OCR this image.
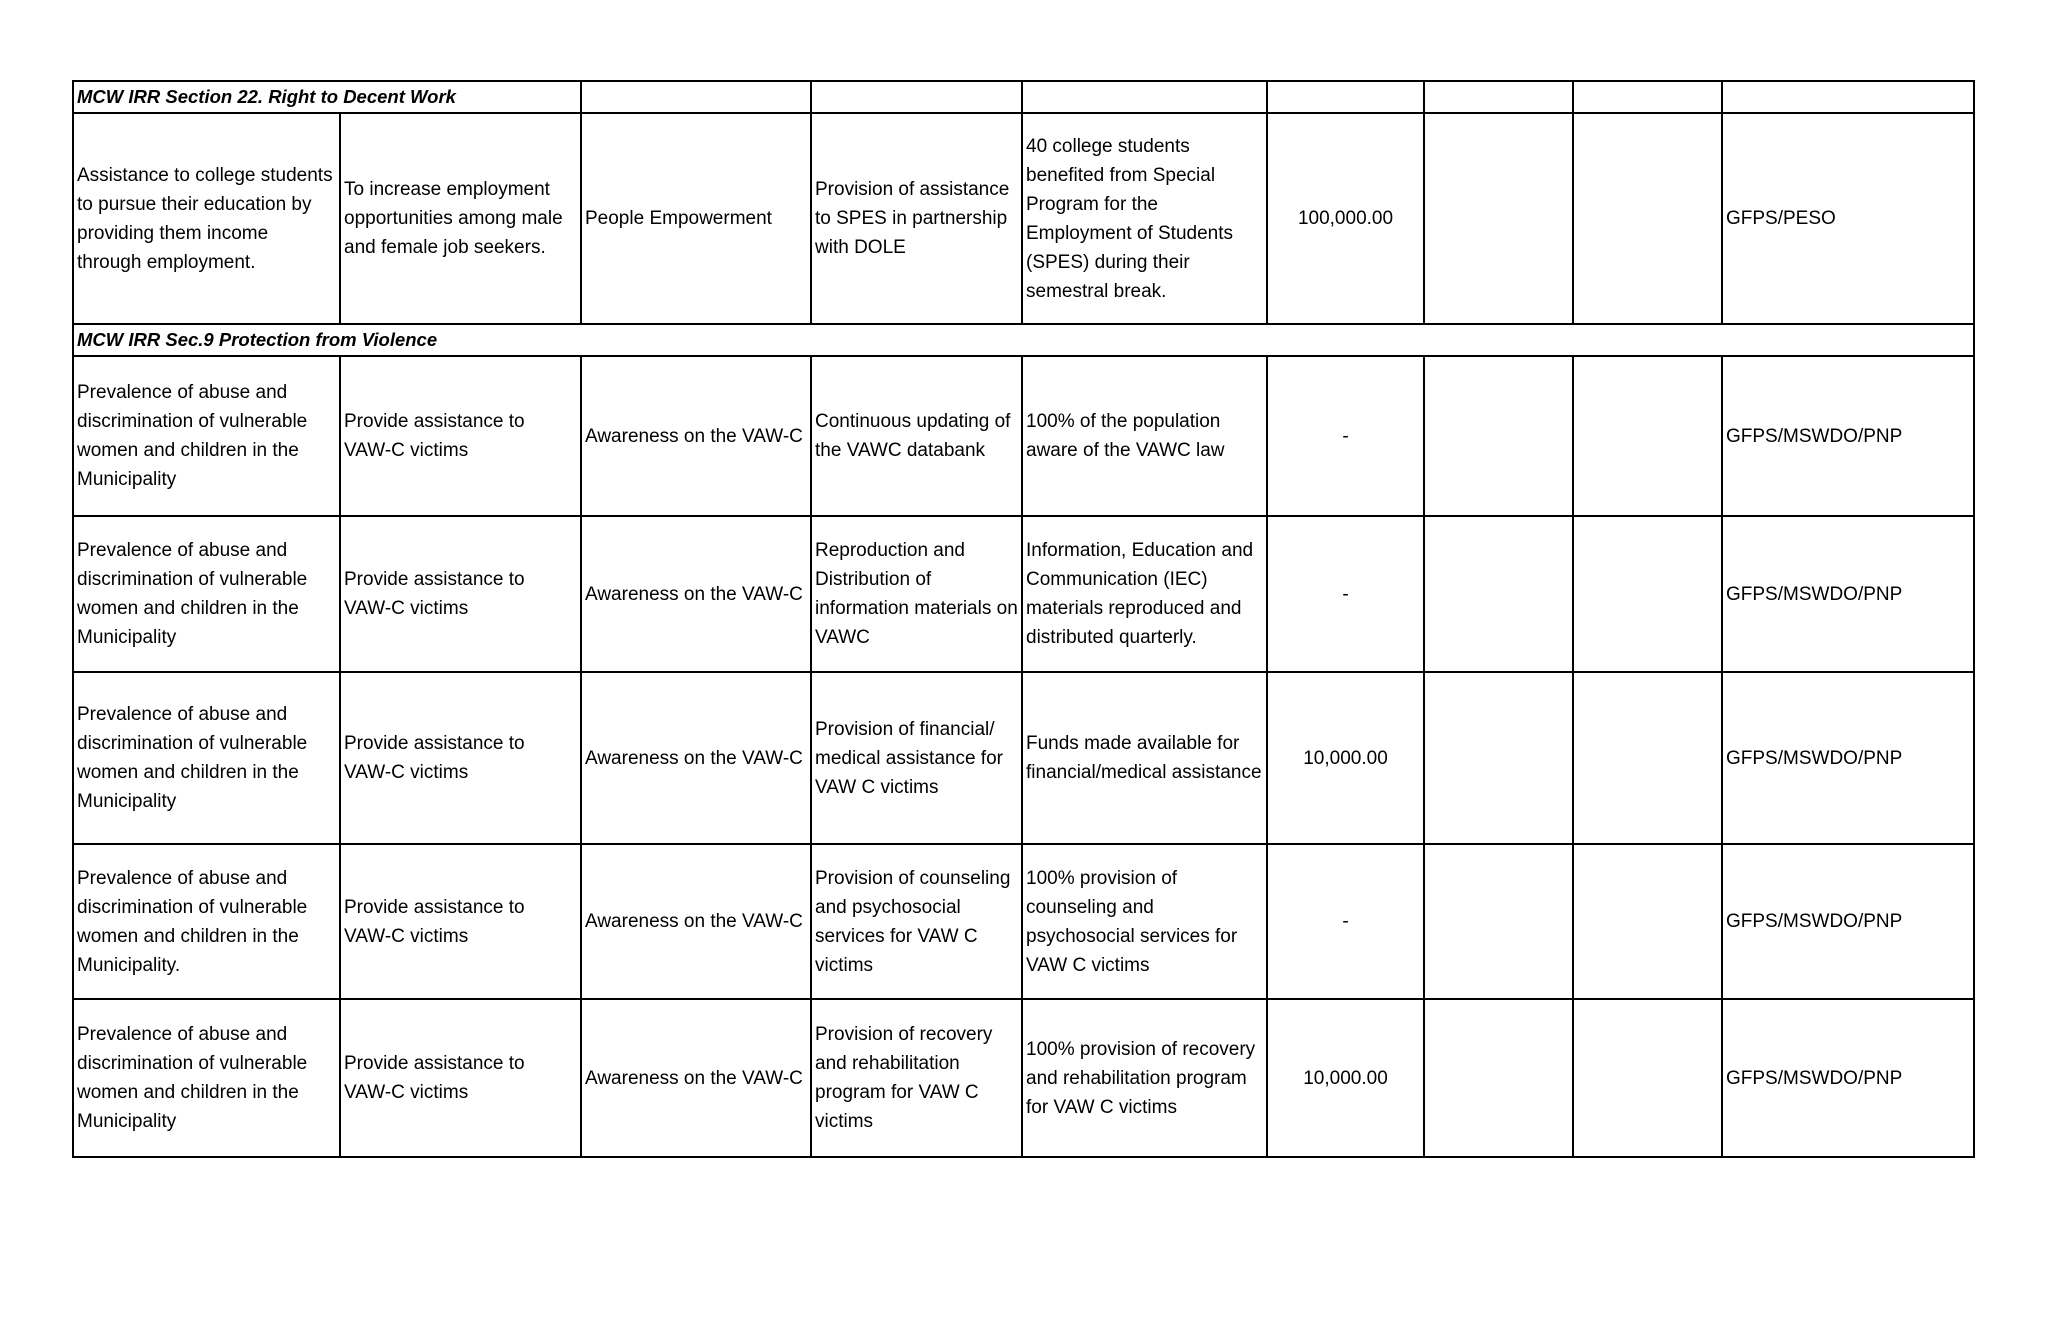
MCW IRR Section 22. Right to Decent Work								
Assistance to college students to pursue their education by providing them income through employment.	To increase employment opportunities among male and female job seekers.	People Empowerment	Provision of assistance to SPES in partnership with DOLE	40 college students benefited from Special Program for the Employment of Students (SPES) during their semestral break.	100,000.00			GFPS/PESO
MCW IRR Sec.9 Protection from Violence								
Prevalence of abuse and discrimination of vulnerable women and children in the Municipality	Provide assistance to VAW-C victims	Awareness on the VAW-C	Continuous updating of the VAWC databank	100% of the population aware of the VAWC law	-			GFPS/MSWDO/PNP
Prevalence of abuse and discrimination of vulnerable women and children in the Municipality	Provide assistance to VAW-C victims	Awareness on the VAW-C	Reproduction and Distribution of information materials on VAWC	Information, Education and Communication (IEC) materials reproduced and distributed quarterly.	-			GFPS/MSWDO/PNP
Prevalence of abuse and discrimination of vulnerable women and children in the Municipality	Provide assistance to VAW-C victims	Awareness on the VAW-C	Provision of financial/ medical assistance for VAW C victims	Funds made available for financial/medical assistance	10,000.00			GFPS/MSWDO/PNP
Prevalence of abuse and discrimination of vulnerable women and children in the Municipality.	Provide assistance to VAW-C victims	Awareness on the VAW-C	Provision of counseling and psychosocial services for VAW C victims	100% provision of counseling and psychosocial services for VAW C victims	-			GFPS/MSWDO/PNP
Prevalence of abuse and discrimination of vulnerable women and children in the Municipality	Provide assistance to VAW-C victims	Awareness on the VAW-C	Provision of recovery and rehabilitation program for VAW C victims	100% provision of recovery and rehabilitation program for VAW C victims	10,000.00			GFPS/MSWDO/PNP
